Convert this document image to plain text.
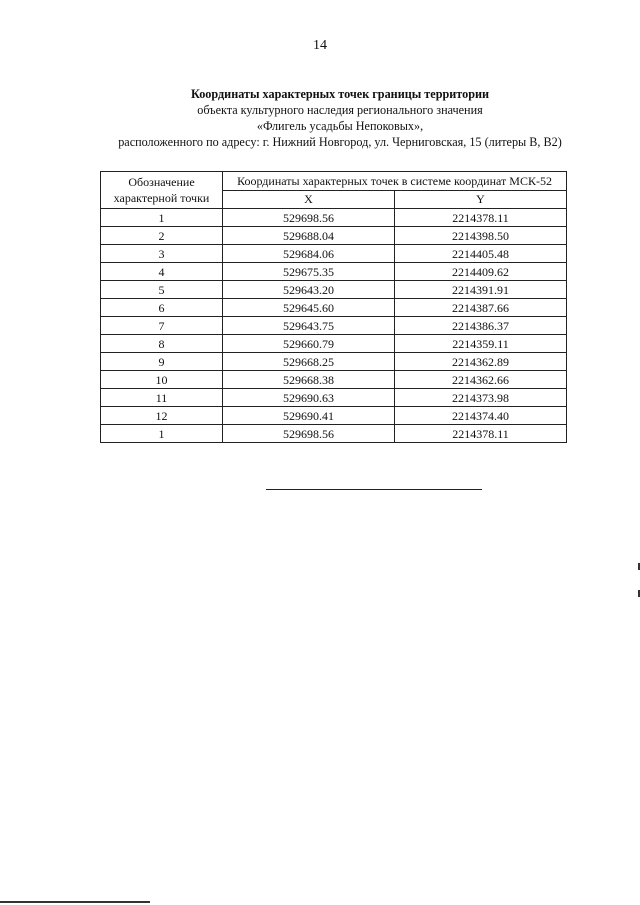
14
Координаты характерных точек границы территории
объекта культурного наследия регионального значения
«Флигель усадьбы Непоковых»,
расположенного по адресу: г. Нижний Новгород, ул. Черниговская, 15 (литеры В, В2)
Обозначение характерной точки	Координаты характерных точек в системе координат МСК-52	
	X	Y
1	529698.56	2214378.11
2	529688.04	2214398.50
3	529684.06	2214405.48
4	529675.35	2214409.62
5	529643.20	2214391.91
6	529645.60	2214387.66
7	529643.75	2214386.37
8	529660.79	2214359.11
9	529668.25	2214362.89
10	529668.38	2214362.66
11	529690.63	2214373.98
12	529690.41	2214374.40
1	529698.56	2214378.11
